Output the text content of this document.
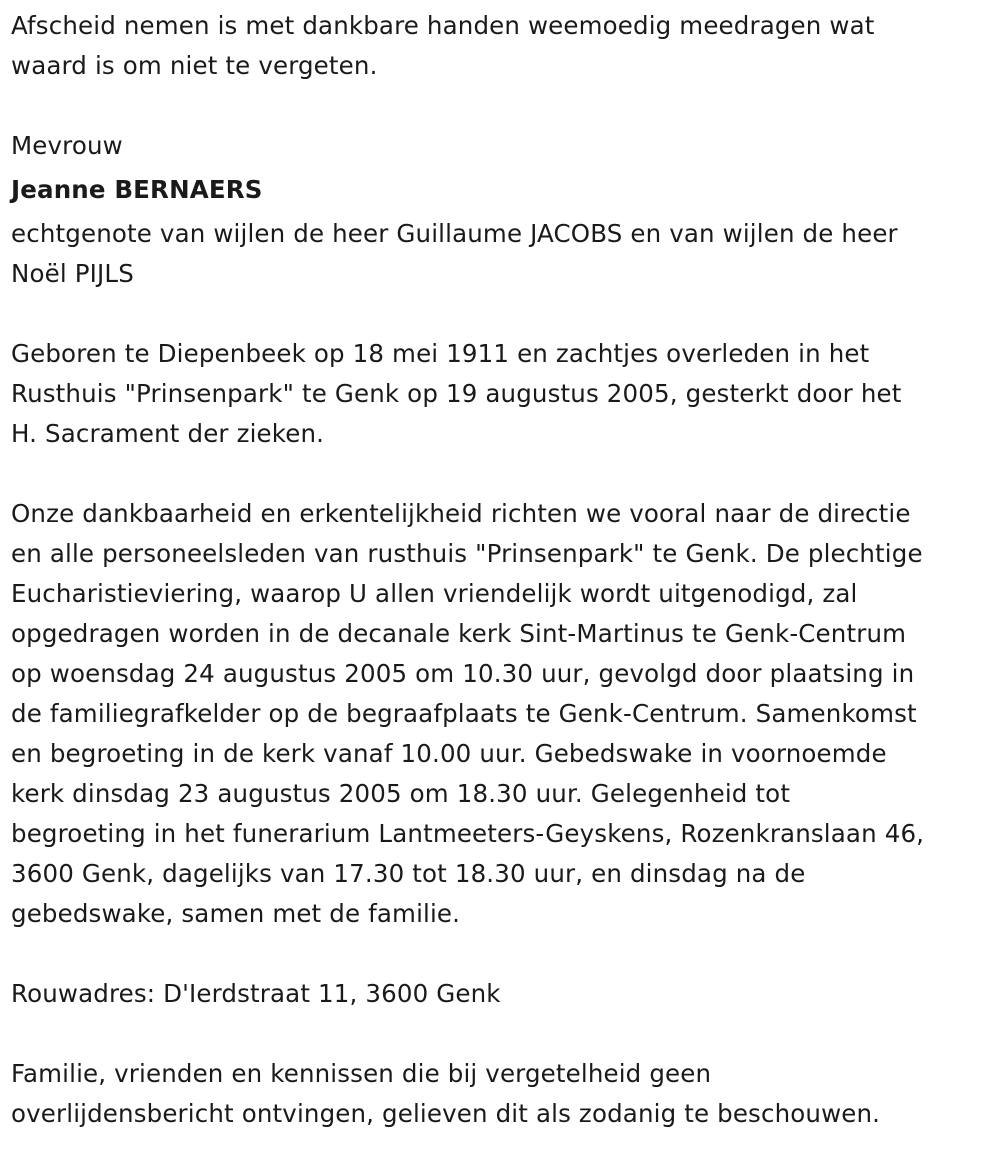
Afscheid nemen is met dankbare handen weemoedig meedragen wat
waard is om niet te vergeten.

Mevrouw

Jeanne BERNAERS

echtgenote van wijlen de heer Guillaume JACOBS en van wijlen de heer
Noël PIJLS

Geboren te Diepenbeek op 18 mei 1911 en zachtjes overleden in het
Rusthuis "Prinsenpark" te Genk op 19 augustus 2005, gesterkt door het
H. Sacrament der zieken.

Onze dankbaarheid en erkentelijkheid richten we vooral naar de directie
en alle personeelsleden van rusthuis "Prinsenpark" te Genk. De plechtige
Eucharistieviering, waarop U allen vriendelijk wordt uitgenodigd, zal
opgedragen worden in de decanale kerk Sint-Martinus te Genk-Centrum
op woensdag 24 augustus 2005 om 10.30 uur, gevolgd door plaatsing in
de familiegrafkelder op de begraafplaats te Genk-Centrum. Samenkomst
en begroeting in de kerk vanaf 10.00 uur. Gebedswake in voornoemde
kerk dinsdag 23 augustus 2005 om 18.30 uur. Gelegenheid tot
begroeting in het funerarium Lantmeeters-Geyskens, Rozenkranslaan 46,
3600 Genk, dagelijks van 17.30 tot 18.30 uur, en dinsdag na de
gebedswake, samen met de familie.

Rouwadres: D'Ierdstraat 11, 3600 Genk

Familie, vrienden en kennissen die bij vergetelheid geen
overlijdensbericht ontvingen, gelieven dit als zodanig te beschouwen.
